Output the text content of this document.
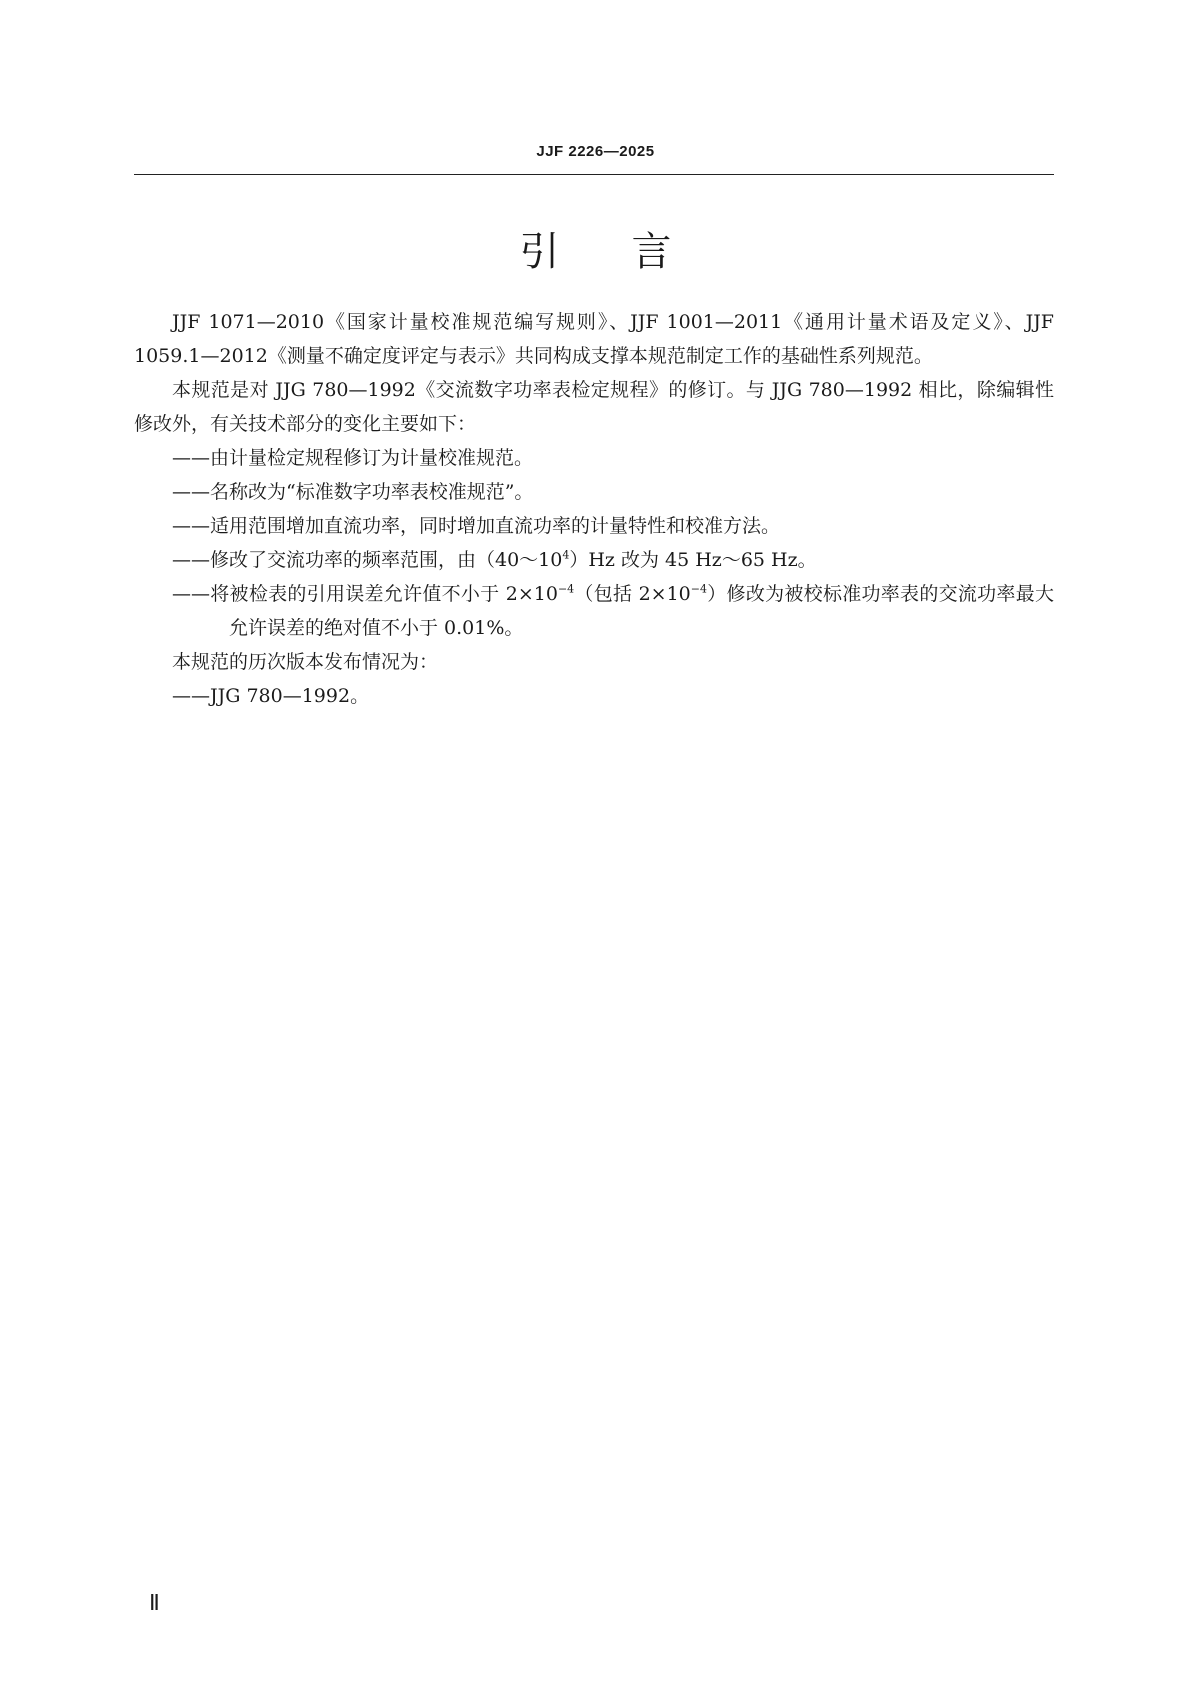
JJF 2226—2025
引言

JJF 1071—2010《国家计量校准规范编写规则》、JJF 1001—2011《通用计量术语及定义》、JJF 1059.1—2012《测量不确定度评定与表示》共同构成支撑本规范制定工作的基础性系列规范。

本规范是对 JJG 780—1992《交流数字功率表检定规程》的修订。与 JJG 780—1992 相比，除编辑性修改外，有关技术部分的变化主要如下：

——由计量检定规程修订为计量校准规范。

——名称改为“标准数字功率表校准规范”。

——适用范围增加直流功率，同时增加直流功率的计量特性和校准方法。

——修改了交流功率的频率范围，由$(40\sim 10^4)Hz$ 改为 45 Hz～65 Hz。

——将被检表的引用误差允许值不小于 $2\times 10^{-4}$（包括 $2\times 10^{-4}$）修改为被校标准功率表的交流功率最大允许误差的绝对值不小于 0.01%。

本规范的历次版本发布情况为：

——JJG 780—1992。

Ⅱ
